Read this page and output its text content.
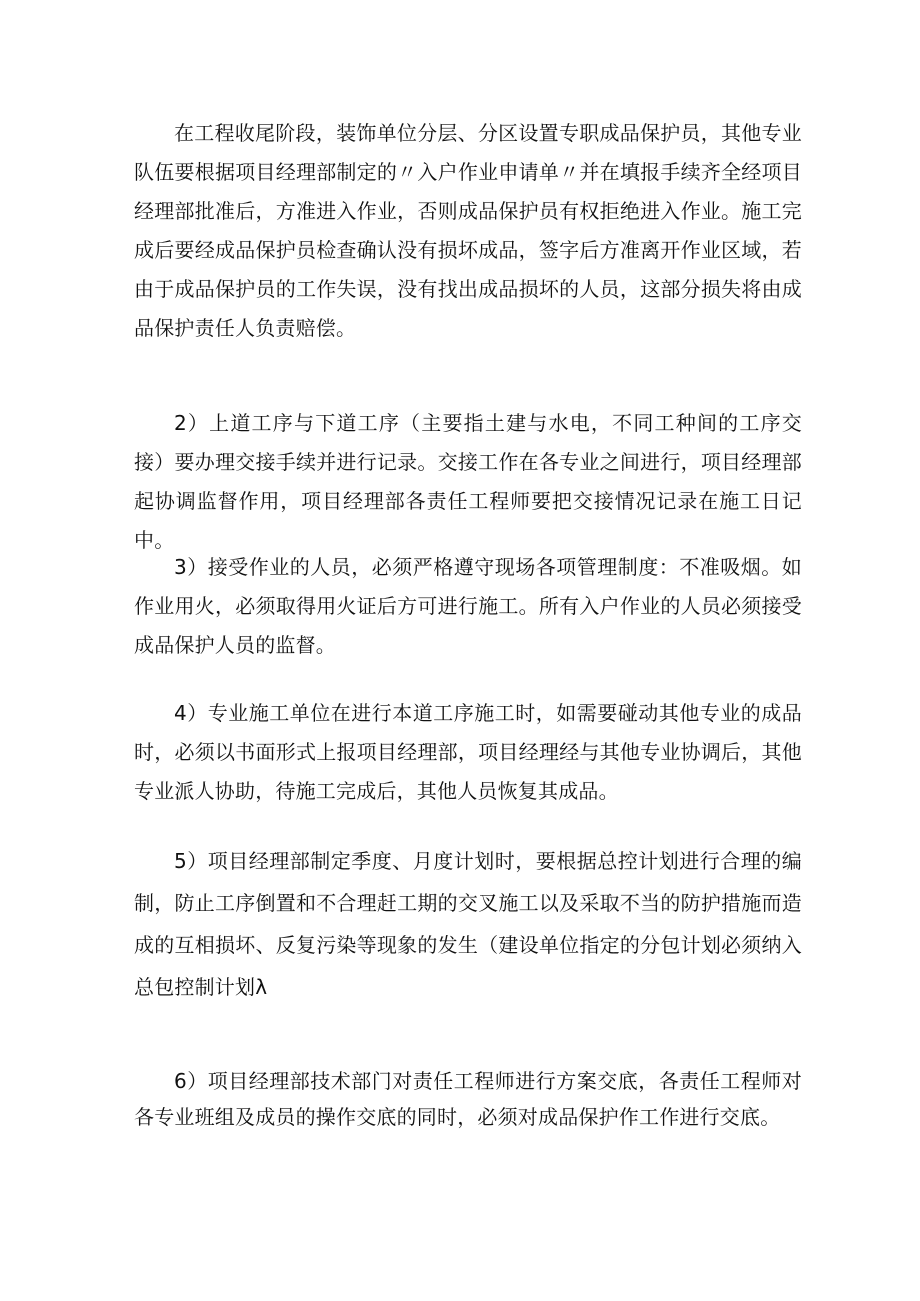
在工程收尾阶段，装饰单位分层、分区设置专职成品保护员，其他专业队伍要根据项目经理部制定的〃入户作业申请单〃并在填报手续齐全经项目经理部批准后，方准进入作业，否则成品保护员有权拒绝进入作业。施工完成后要经成品保护员检查确认没有损坏成品，签字后方准离开作业区域，若由于成品保护员的工作失误，没有找出成品损坏的人员，这部分损失将由成品保护责任人负责赔偿。

2）上道工序与下道工序（主要指土建与水电，不同工种间的工序交接）要办理交接手续并进行记录。交接工作在各专业之间进行，项目经理部起协调监督作用，项目经理部各责任工程师要把交接情况记录在施工日记中。

3）接受作业的人员，必须严格遵守现场各项管理制度：不准吸烟。如作业用火，必须取得用火证后方可进行施工。所有入户作业的人员必须接受成品保护人员的监督。

4）专业施工单位在进行本道工序施工时，如需要碰动其他专业的成品时，必须以书面形式上报项目经理部，项目经理经与其他专业协调后，其他专业派人协助，待施工完成后，其他人员恢复其成品。

5）项目经理部制定季度、月度计划时，要根据总控计划进行合理的编制，防止工序倒置和不合理赶工期的交叉施工以及采取不当的防护措施而造成的互相损坏、反复污染等现象的发生（建设单位指定的分包计划必须纳入总包控制计划λ

6）项目经理部技术部门对责任工程师进行方案交底，各责任工程师对各专业班组及成员的操作交底的同时，必须对成品保护作工作进行交底。
